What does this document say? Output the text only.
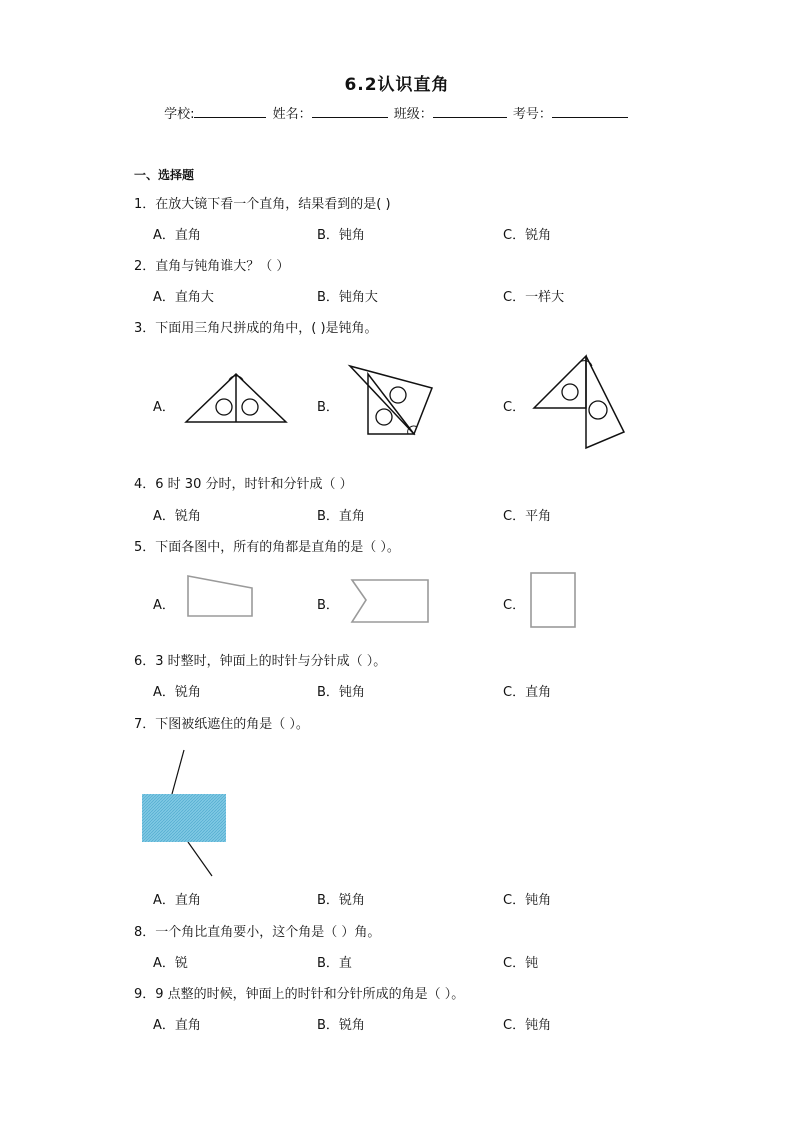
6.2认识直角
学校:	姓名：	班级：	考号：
一、选择题
1．在放大镜下看一个直角，结果看到的是( )
A．直角	B．钝角	C．锐角
2．直角与钝角谁大？（ ）
A．直角大	B．钝角大	C．一样大
3．下面用三角尺拼成的角中，( )是钝角。
A．	B．	C．
4．6 时 30 分时，时针和分针成（ ）
A．锐角	B．直角	C．平角
5．下面各图中，所有的角都是直角的是（ ）。
A．	B．	C．
6．3 时整时，钟面上的时针与分针成（ ）。
A．锐角	B．钝角	C．直角
7．下图被纸遮住的角是（ ）。
A．直角	B．锐角	C．钝角
8．一个角比直角要小，这个角是（ ）角。
A．锐	B．直	C．钝
9．9 点整的时候，钟面上的时针和分针所成的角是（ ）。
A．直角	B．锐角	C．钝角
